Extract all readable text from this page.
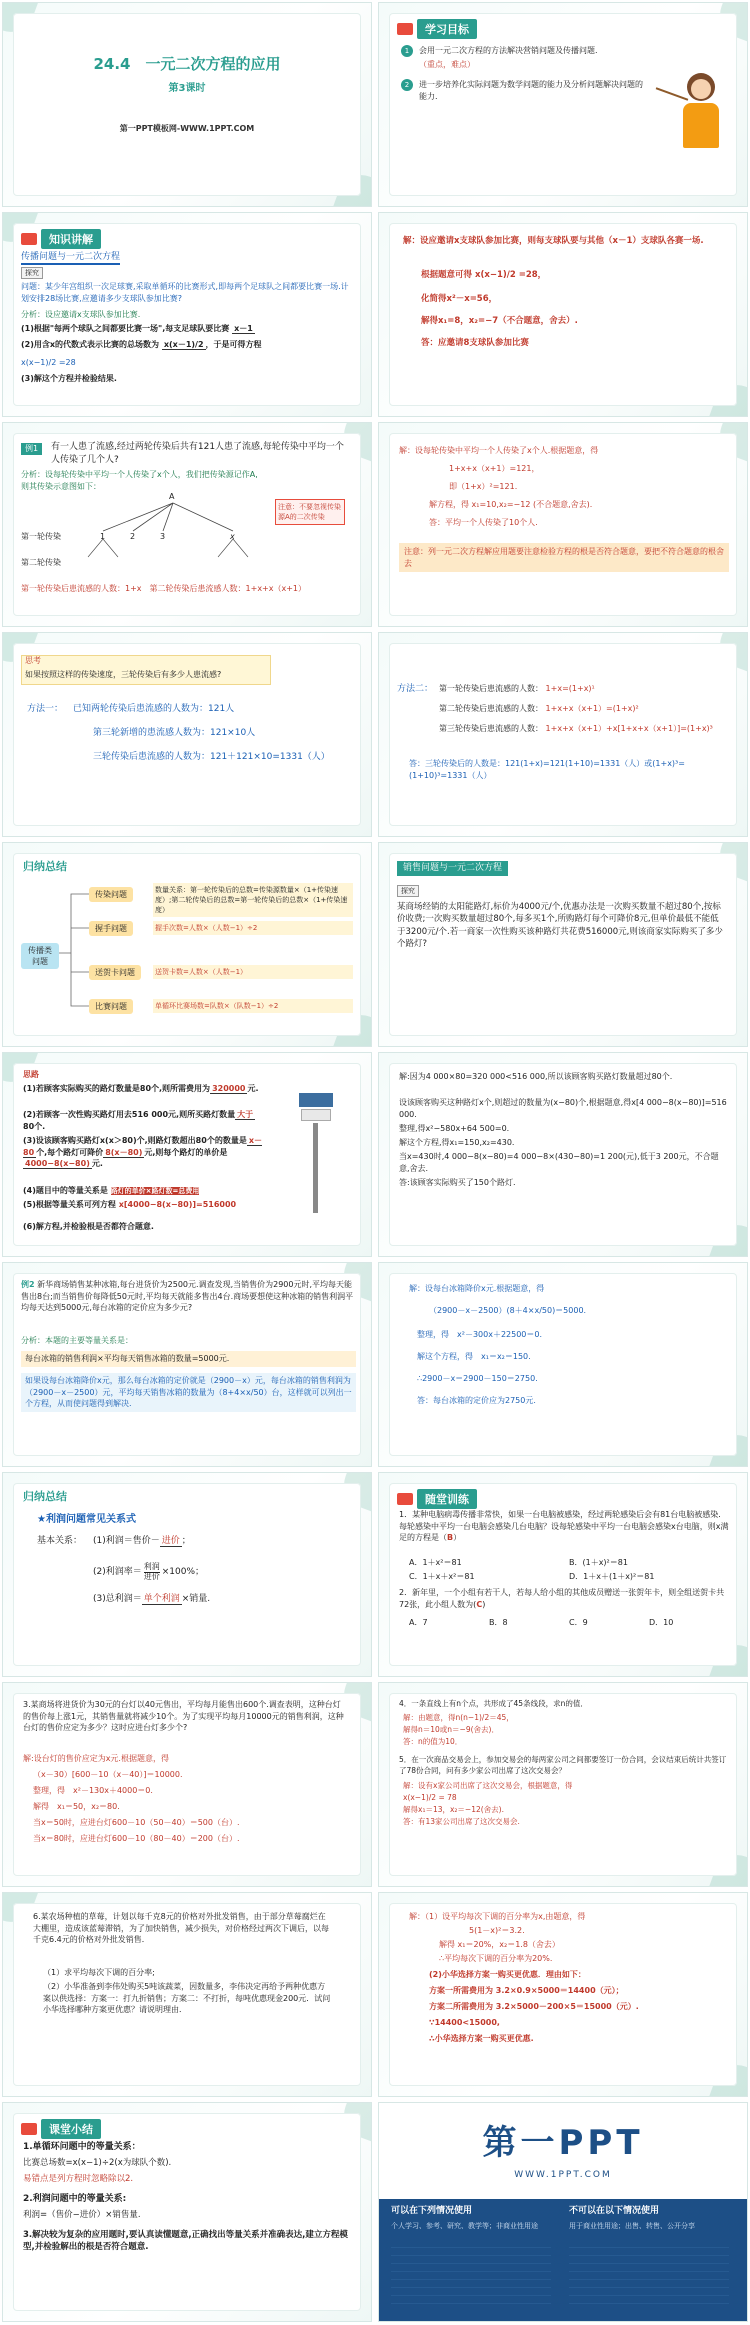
24.4　一元二次方程的应用
第3课时
第一PPT模板网-WWW.1PPT.COM
学习目标
1	会用一元二次方程的方法解决营销问题及传播问题.
（重点，难点）
2	进一步培养化实际问题为数学问题的能力及分析问题解决问题的能力.
知识讲解
传播问题与一元二次方程
探究
问题：某少年宫组织一次足球赛,采取单循环的比赛形式,即每两个足球队之间都要比赛一场.计划安排28场比赛,应邀请多少支球队参加比赛?
分析：设应邀请x支球队参加比赛.
(1)根据"每两个球队之间都要比赛一场",每支足球队要比赛 x－1
(2)用含x的代数式表示比赛的总场数为 x(x－1)/2 ，于是可得方程
x(x−1)/2 =28
(3)解这个方程并检验结果.
解：设应邀请x支球队参加比赛，则每支球队要与其他（x－1）支球队各赛一场.
根据题意可得 x(x−1)/2 =28，
化简得x²－x=56，
解得x₁=8，x₂=−7（不合题意，舍去）.
答：应邀请8支球队参加比赛
例1	有一人患了流感,经过两轮传染后共有121人患了流感,每轮传染中平均一个人传染了几个人?
分析：设每轮传染中平均一个人传染了x个人，我们把传染源记作A,
则其传染示意图如下：
A
1	2	3	x
第一轮传染
第二轮传染
注意：不要忽视传染源A的二次传染
第一轮传染后患流感的人数：1+x　 第二轮传染后患流感人数：1+x+x（x+1）
解：设每轮传染中平均一个人传染了x个人.根据题意，得
1+x+x（x+1）=121，
即（1+x）²=121.
解方程，得 x₁=10,x₂=−12 (不合题意,舍去).
答：平均一个人传染了10个人.
注意：列一元二次方程解应用题要注意检验方程的根是否符合题意，要把不符合题意的根舍去
思考
如果按照这样的传染速度，三轮传染后有多少人患流感?
方法一： 已知两轮传染后患流感的人数为：121人
第三轮新增的患流感人数为：121×10人
三轮传染后患流感的人数为：121＋121×10=1331（人）
方法二： 第一轮传染后患流感的人数： 1+x=(1+x)¹
第二轮传染后患流感的人数： 1+x+x（x+1）=(1+x)²
第三轮传染后患流感的人数： 1+x+x（x+1）+x[1+x+x（x+1）]=(1+x)³
答：三轮传染后的人数是：121(1+x)=121(1+10)=1331（人）或(1+x)³=(1+10)³=1331（人）
归纳总结
传播类问题
传染问题	数量关系：第一轮传染后的总数=传染源数量×（1+传染速度）;第二轮传染后的总数=第一轮传染后的总数×（1+传染速度）
握手问题	握手次数=人数×（人数−1）÷2
送贺卡问题	送贺卡数=人数×（人数−1）
比赛问题	单循环比赛场数=队数×（队数−1）÷2
销售问题与一元二次方程
探究
某商场经销的太阳能路灯,标价为4000元/个,优惠办法是一次购买数量不超过80个,按标价收费;一次购买数量超过80个,每多买1个,所购路灯每个可降价8元,但单价最低不能低于3200元/个.若一商家一次性购买该种路灯共花费516000元,则该商家实际购买了多少个路灯?
思路
(1)若顾客实际购买的路灯数量是80个,则所需费用为 320000 元.
(2)若顾客一次性购买路灯用去516 000元,则所买路灯数量 大于80个.
(3)设该顾客购买路灯x(x＞80)个,则路灯数超出80个的数量是 x－80 个,每个路灯可降价 8(x－80) 元,则每个路灯的单价是4000−8(x−80) 元.
(4)题目中的等量关系是 路灯的单价×路灯数=总费用
(5)根据等量关系可列方程 x[4000−8(x−80)]=516000
(6)解方程,并检验根是否都符合题意.
解:因为4 000×80=320 000<516 000,所以该顾客购买路灯数量超过80个.
设该顾客购买这种路灯x个,则超过的数量为(x−80)个,根据题意,得x[4 000−8(x−80)]=516 000.
整理,得x²−580x+64 500=0.
解这个方程,得x₁=150,x₂=430.
当x=430时,4 000−8(x−80)=4 000−8×(430−80)=1 200(元),低于3 200元，不合题意,舍去.
答:该顾客实际购买了150个路灯.
例2 新华商场销售某种冰箱,每台进货价为2500元.调查发现,当销售价为2900元时,平均每天能售出8台;而当销售价每降低50元时,平均每天就能多售出4台.商场要想使这种冰箱的销售利润平均每天达到5000元,每台冰箱的定价应为多少元?
分析：本题的主要等量关系是：
每台冰箱的销售利润×平均每天销售冰箱的数量=5000元.
如果设每台冰箱降价x元，那么每台冰箱的定价就是（2900－x）元，每台冰箱的销售利润为（2900－x－2500）元，平均每天销售冰箱的数量为（8+4×x/50）台，这样就可以列出一个方程，从而使问题得到解决.
解：设每台冰箱降价x元.根据题意，得
（2900－x－2500）(8＋4×x/50)＝5000.
整理，得　x²－300x＋22500＝0.
解这个方程，得　x₁＝x₂＝150.
∴2900－x＝2900－150＝2750.
答：每台冰箱的定价应为2750元.
归纳总结
★利润问题常见关系式
基本关系： (1)利润＝售价－ 进价 ；
(2)利润率＝
利润
进价 ×100%；
(3)总利润＝ 单个利润 ×销量.
随堂训练
1．某种电脑病毒传播非常快，如果一台电脑被感染，经过两轮感染后会有81台电脑被感染．每轮感染中平均一台电脑会感染几台电脑？设每轮感染中平均一台电脑会感染x台电脑，则x满足的方程是（B）
A．1＋x²＝81	B．(1＋x)²＝81
C．1＋x＋x²＝81	D．1＋x＋(1＋x)²＝81
2．新年里，一个小组有若干人，若每人给小组的其他成员赠送一张贺年卡，则全组送贺卡共72张，此小组人数为(C)
A．7	B．8	C．9	D．10
3.某商场将进货价为30元的台灯以40元售出，平均每月能售出600个.调查表明，这种台灯的售价每上涨1元，其销售量就将减少10个。为了实现平均每月10000元的销售利润，这种台灯的售价应定为多少？这时应进台灯多少个?
解:设台灯的售价应定为x元.根据题意，得
（x－30）[600－10（x－40）]＝10000.
整理，得　x²－130x＋4000＝0.
解得　x₁＝50，x₂＝80.
当x＝50时，应进台灯600－10（50－40）＝500（台）.
当x＝80时，应进台灯600－10（80－40）＝200（台）.
4．一条直线上有n个点，共形成了45条线段，求n的值．
解：由题意，得n(n−1)/2＝45，
解得n＝10或n＝−9(舍去)．
答：n的值为10．
5．在一次商品交易会上，参加交易会的每两家公司之间都要签订一份合同，会议结束后统计共签订了78份合同，问有多少家公司出席了这次交易会？
解：设有x家公司出席了这次交易会，根据题意，得
x(x−1)/2 = 78
解得x₁＝13，x₂＝−12(舍去).
答：有13家公司出席了这次交易会.
6.某农场种植的草莓，计划以每千克8元的价格对外批发销售，由于部分草莓腐烂在大棚里，造成该蓝莓滞销，为了加快销售，减少损失，对价格经过两次下调后，以每千克6.4元的价格对外批发销售．
（1）求平均每次下调的百分率;
（2）小华准备到李伟处购买5吨该蔬菜，因数量多，李伟决定再给予两种优惠方案以供选择：方案一：打九折销售；方案二：不打折，每吨优惠现金200元．试问小华选择哪种方案更优惠？请说明理由．
解：（1）设平均每次下调的百分率为x,由题意，得
5(1－x)²＝3.2.
解得 x₁＝20%，x₂＝1.8（舍去）
∴平均每次下调的百分率为20%.
(2)小华选择方案一购买更优惠．理由如下：
方案一所需费用为 3.2×0.9×5000＝14400（元）；
方案二所需费用为 3.2×5000－200×5＝15000（元）.
∵14400<15000,
∴小华选择方案一购买更优惠.
课堂小结
1.单循环问题中的等量关系：
比赛总场数=x(x−1)÷2(x为球队个数).
易错点是列方程时忽略除以2.
2.利润问题中的等量关系:
利润=（售价−进价）×销售量.
3.解决较为复杂的应用题时,要认真读懂题意,正确找出等量关系并准确表达,建立方程模型,并检验解出的根是否符合题意.
第一PPT
WWW.1PPT.COM
可以在下列情况使用
个人学习、参考、研究、教学等；非商业性用途
不可以在以下情况使用
用于商业性用途；出售、转售、公开分享
